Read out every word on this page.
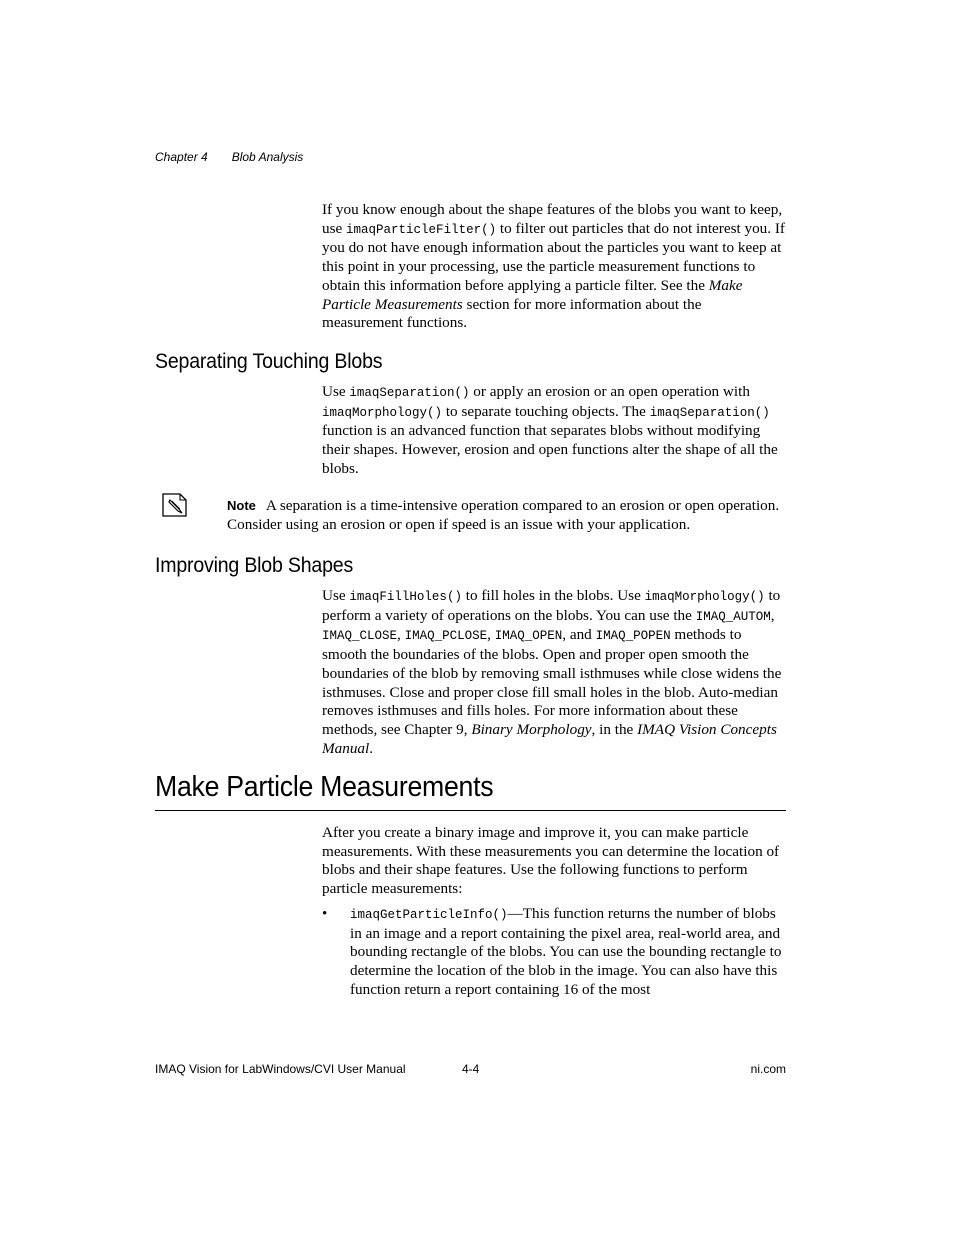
Chapter 4 Blob Analysis

If you know enough about the shape features of the blobs you want to keep, use imaqParticleFilter() to filter out particles that do not interest you. If you do not have enough information about the particles you want to keep at this point in your processing, use the particle measurement functions to obtain this information before applying a particle filter. See the Make Particle Measurements section for more information about the measurement functions.

Separating Touching Blobs

Use imaqSeparation() or apply an erosion or an open operation with imaqMorphology() to separate touching objects. The imaqSeparation() function is an advanced function that separates blobs without modifying their shapes. However, erosion and open functions alter the shape of all the blobs.

Note A separation is a time-intensive operation compared to an erosion or open operation. Consider using an erosion or open if speed is an issue with your application.
Improving Blob Shapes

Use imaqFillHoles() to fill holes in the blobs. Use imaqMorphology() to perform a variety of operations on the blobs. You can use the IMAQ_AUTOM, IMAQ_CLOSE, IMAQ_PCLOSE, IMAQ_OPEN, and IMAQ_POPEN methods to smooth the boundaries of the blobs. Open and proper open smooth the boundaries of the blob by removing small isthmuses while close widens the isthmuses. Close and proper close fill small holes in the blob. Auto-median removes isthmuses and fills holes. For more information about these methods, see Chapter 9, Binary Morphology, in the IMAQ Vision Concepts Manual.

Make Particle Measurements

After you create a binary image and improve it, you can make particle measurements. With these measurements you can determine the location of blobs and their shape features. Use the following functions to perform particle measurements:

• imaqGetParticleInfo()—This function returns the number of blobs in an image and a report containing the pixel area, real-world area, and bounding rectangle of the blobs. You can use the bounding rectangle to determine the location of the blob in the image. You can also have this function return a report containing 16 of the most
IMAQ Vision for LabWindows/CVI User Manual	4-4	ni.com
